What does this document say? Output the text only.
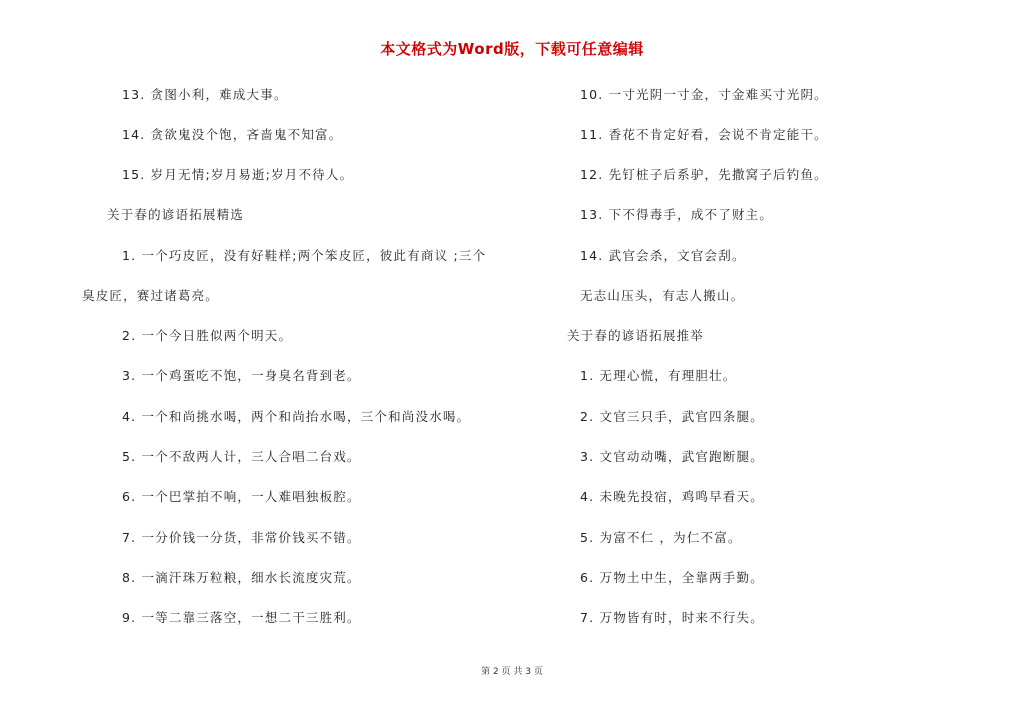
本文格式为Word版，下载可任意编辑
13. 贪图小利，难成大事。
14. 贪欲鬼没个饱，吝啬鬼不知富。
15. 岁月无情;岁月易逝;岁月不待人。
关于春的谚语拓展精选
1. 一个巧皮匠，没有好鞋样;两个笨皮匠，彼此有商议 ;三个
臭皮匠，赛过诸葛亮。
2. 一个今日胜似两个明天。
3. 一个鸡蛋吃不饱，一身臭名背到老。
4. 一个和尚挑水喝，两个和尚抬水喝，三个和尚没水喝。
5. 一个不敌两人计，三人合唱二台戏。
6. 一个巴掌拍不响，一人难唱独板腔。
7. 一分价钱一分货，非常价钱买不错。
8. 一滴汗珠万粒粮，细水长流度灾荒。
9. 一等二靠三落空，一想二干三胜利。
10. 一寸光阴一寸金，寸金难买寸光阴。
11. 香花不肯定好看，会说不肯定能干。
12. 先钉桩子后系驴，先撒窝子后钓鱼。
13. 下不得毒手，成不了财主。
14. 武官会杀，文官会刮。
无志山压头，有志人搬山。
关于春的谚语拓展推举
1. 无理心慌，有理胆壮。
2. 文官三只手，武官四条腿。
3. 文官动动嘴，武官跑断腿。
4. 未晚先投宿，鸡鸣早看天。
5. 为富不仁 ，为仁不富。
6. 万物土中生，全靠两手勤。
7. 万物皆有时，时来不行失。
第 2 页 共 3 页
